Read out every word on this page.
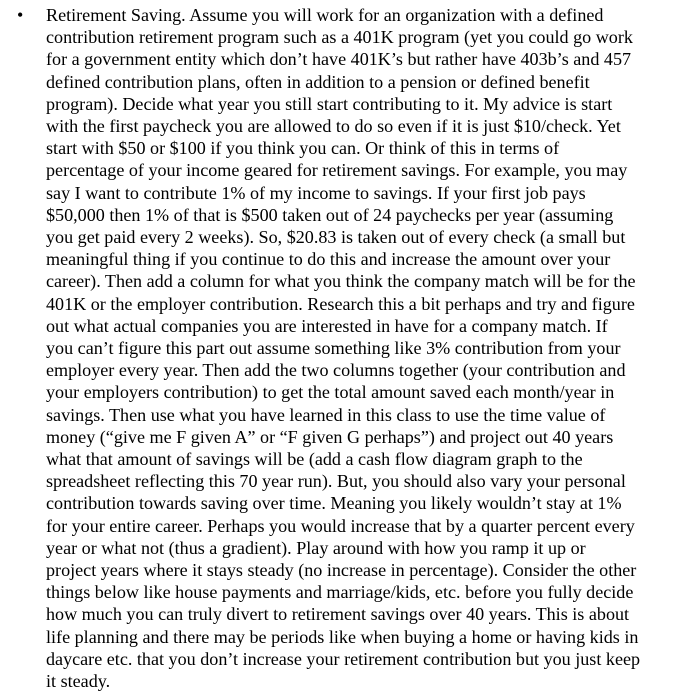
• Retirement Saving. Assume you will work for an organization with a defined
contribution retirement program such as a 401K program (yet you could go work
for a government entity which don’t have 401K’s but rather have 403b’s and 457
defined contribution plans, often in addition to a pension or defined benefit
program). Decide what year you still start contributing to it. My advice is start
with the first paycheck you are allowed to do so even if it is just $10/check. Yet
start with $50 or $100 if you think you can. Or think of this in terms of
percentage of your income geared for retirement savings. For example, you may
say I want to contribute 1% of my income to savings. If your first job pays
$50,000 then 1% of that is $500 taken out of 24 paychecks per year (assuming
you get paid every 2 weeks). So, $20.83 is taken out of every check (a small but
meaningful thing if you continue to do this and increase the amount over your
career). Then add a column for what you think the company match will be for the
401K or the employer contribution. Research this a bit perhaps and try and figure
out what actual companies you are interested in have for a company match. If
you can’t figure this part out assume something like 3% contribution from your
employer every year. Then add the two columns together (your contribution and
your employers contribution) to get the total amount saved each month/year in
savings. Then use what you have learned in this class to use the time value of
money (“give me F given A” or “F given G perhaps”) and project out 40 years
what that amount of savings will be (add a cash flow diagram graph to the
spreadsheet reflecting this 70 year run). But, you should also vary your personal
contribution towards saving over time. Meaning you likely wouldn’t stay at 1%
for your entire career. Perhaps you would increase that by a quarter percent every
year or what not (thus a gradient). Play around with how you ramp it up or
project years where it stays steady (no increase in percentage). Consider the other
things below like house payments and marriage/kids, etc. before you fully decide
how much you can truly divert to retirement savings over 40 years. This is about
life planning and there may be periods like when buying a home or having kids in
daycare etc. that you don’t increase your retirement contribution but you just keep
it steady.
